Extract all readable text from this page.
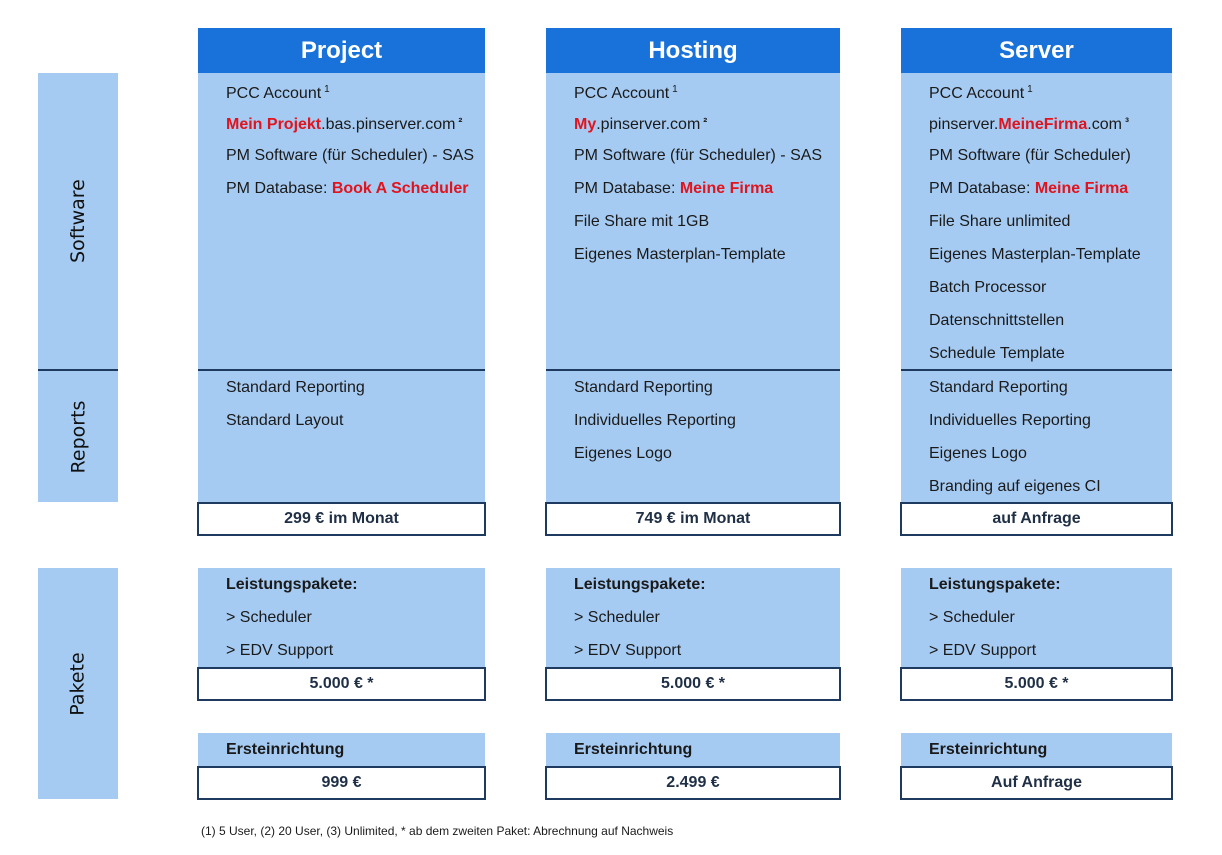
Software
Reports
Pakete
Project
PCC Account $^1$
Mein Projekt.bas.pinserver.com ²
PM Software (für Scheduler) - SAS
PM Database: Book A Scheduler
Standard Reporting
Standard Layout
299 € im Monat
Leistungspakete:
> Scheduler
> EDV Support
5.000 € *
Ersteinrichtung
999 €
Hosting
PCC Account $^1$
My.pinserver.com ²
PM Software (für Scheduler) - SAS
PM Database: Meine Firma
File Share mit 1GB
Eigenes Masterplan-Template
Standard Reporting
Individuelles Reporting
Eigenes Logo
749 € im Monat
Leistungspakete:
> Scheduler
> EDV Support
5.000 € *
Ersteinrichtung
2.499 €
Server
PCC Account $^1$
pinserver.MeineFirma.com ³
PM Software (für Scheduler)
PM Database: Meine Firma
File Share unlimited
Eigenes Masterplan-Template
Batch Processor
Datenschnittstellen
Schedule Template
Standard Reporting
Individuelles Reporting
Eigenes Logo
Branding auf eigenes CI
auf Anfrage
Leistungspakete:
> Scheduler
> EDV Support
5.000 € *
Ersteinrichtung
Auf Anfrage
(1) 5 User, (2) 20 User, (3) Unlimited, * ab dem zweiten Paket: Abrechnung auf Nachweis
